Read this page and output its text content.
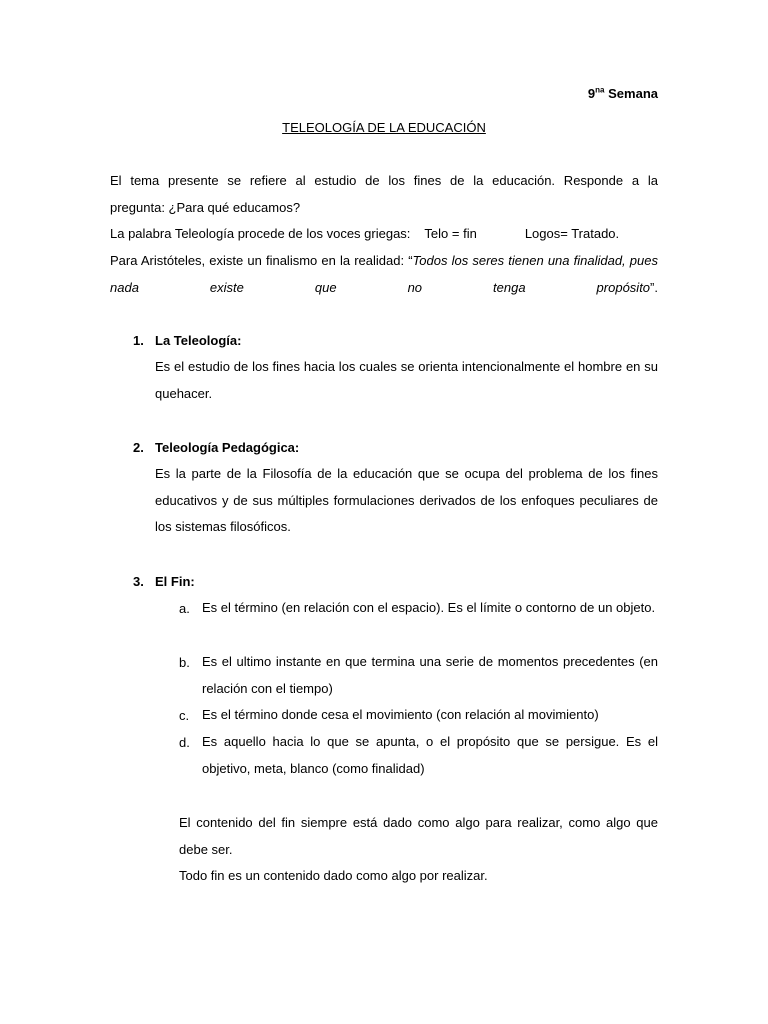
$9^{na}$ Semana
TELEOLOGÍA DE LA EDUCACIÓN

El tema presente se refiere al estudio de los fines de la educación. Responde a la

pregunta: ¿Para qué educamos?

La palabra Teleología procede de los voces griegas: Telo = fin	Logos= Tratado.

Para Aristóteles, existe un finalismo en la realidad: “Todos los seres tienen una finalidad, pues nada existe que no tenga propósito”.

1. La Teleología:
Es el estudio de los fines hacia los cuales se orienta intencionalmente el hombre en su quehacer.
2. Teleología Pedagógica:
Es la parte de la Filosofía de la educación que se ocupa del problema de los fines educativos y de sus múltiples formulaciones derivados de los enfoques peculiares de los sistemas filosóficos.
3. El Fin:
a. Es el término (en relación con el espacio). Es el límite o contorno de un objeto.
b. Es el ultimo instante en que termina una serie de momentos precedentes (en relación con el tiempo)
c. Es el término donde cesa el movimiento (con relación al movimiento)
d. Es aquello hacia lo que se apunta, o el propósito que se persigue. Es el objetivo, meta, blanco (como finalidad)

El contenido del fin siempre está dado como algo para realizar, como algo que debe ser.

Todo fin es un contenido dado como algo por realizar.
